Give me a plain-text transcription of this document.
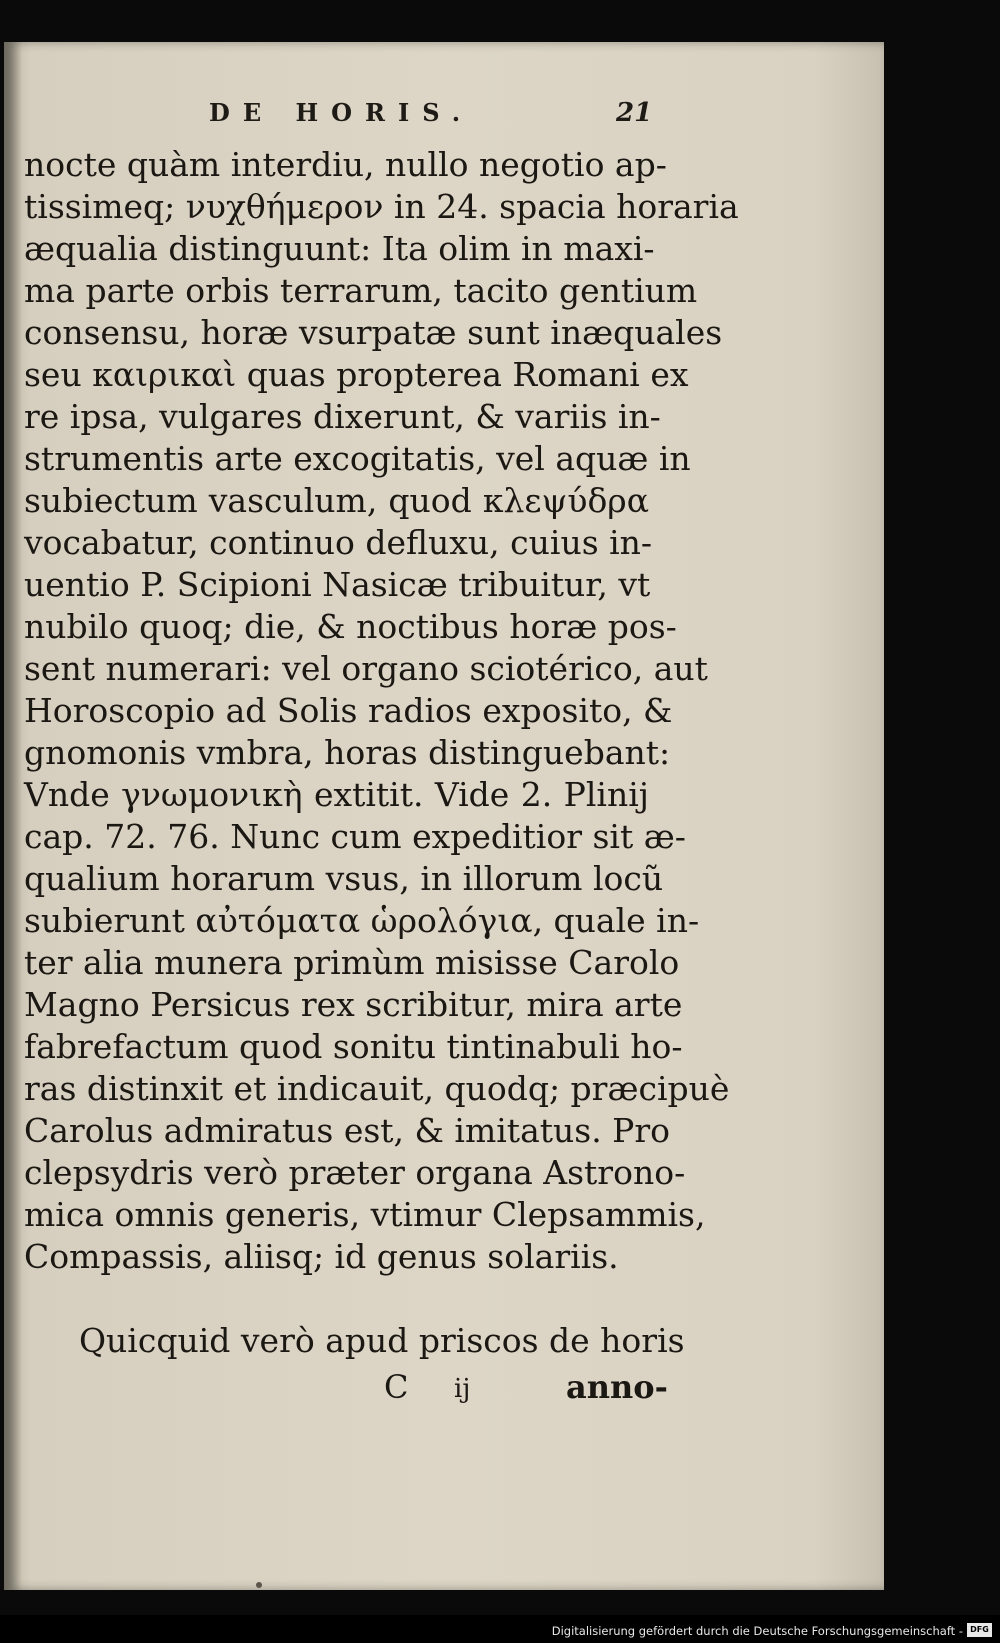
DE HORIS.	21
nocte quàm interdiu, nullo negotio ap-
tissimeq; νυχθήμερον in 24. spacia horaria
æqualia distinguunt: Ita olim in maxi-
ma parte orbis terrarum, tacito gentium
consensu, horæ vsurpatæ sunt inæquales
seu καιρικαὶ quas propterea Romani ex
re ipsa, vulgares dixerunt, & variis in-
strumentis arte excogitatis, vel aquæ in
subiectum vasculum, quod κλεψύδρα
vocabatur, continuo defluxu, cuius in-
uentio P. Scipioni Nasicæ tribuitur, vt
nubilo quoq; die, & noctibus horæ pos-
sent numerari: vel organo sciotérico, aut
Horoscopio ad Solis radios exposito, &
gnomonis vmbra, horas distinguebant:
Vnde γνωμονικὴ extitit. Vide 2. Plinij
cap. 72. 76. Nunc cum expeditior sit æ-
qualium horarum vsus, in illorum locũ
subierunt αὐτόματα ὡρολόγια, quale in-
ter alia munera primùm misisse Carolo
Magno Persicus rex scribitur, mira arte
fabrefactum quod sonitu tintinabuli ho-
ras distinxit et indicauit, quodq; præcipuè
Carolus admiratus est, & imitatus. Pro
clepsydris verò præter organa Astrono-
mica omnis generis, vtimur Clepsammis,
Compassis, aliisq; id genus solariis.
Quicquid verò apud priscos de horis
C ij	anno-
Digitalisierung gefördert durch die Deutsche Forschungsgemeinschaft - DFG
